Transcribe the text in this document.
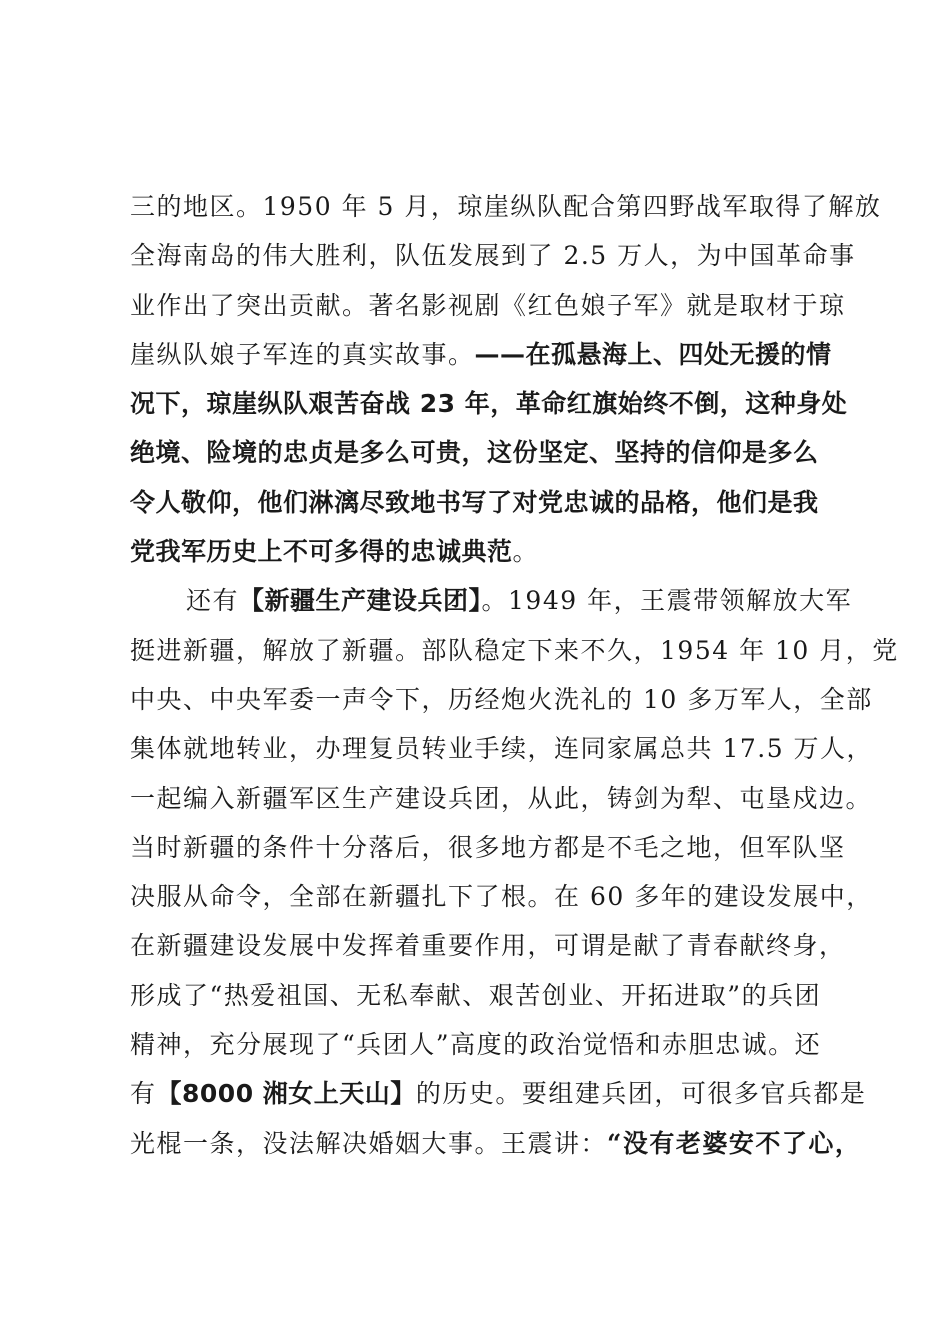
三的地区。1950 年 5 月，琼崖纵队配合第四野战军取得了解放
全海南岛的伟大胜利，队伍发展到了 2.5 万人，为中国革命事
业作出了突出贡献。著名影视剧《红色娘子军》就是取材于琼
崖纵队娘子军连的真实故事。——在孤悬海上、四处无援的情
况下，琼崖纵队艰苦奋战 23 年，革命红旗始终不倒，这种身处
绝境、险境的忠贞是多么可贵，这份坚定、坚持的信仰是多么
令人敬仰，他们淋漓尽致地书写了对党忠诚的品格，他们是我
党我军历史上不可多得的忠诚典范。
还有【新疆生产建设兵团】。1949 年，王震带领解放大军
挺进新疆，解放了新疆。部队稳定下来不久，1954 年 10 月，党
中央、中央军委一声令下，历经炮火洗礼的 10 多万军人，全部
集体就地转业，办理复员转业手续，连同家属总共 17.5 万人，
一起编入新疆军区生产建设兵团，从此，铸剑为犁、屯垦戍边。
当时新疆的条件十分落后，很多地方都是不毛之地，但军队坚
决服从命令，全部在新疆扎下了根。在 60 多年的建设发展中，
在新疆建设发展中发挥着重要作用，可谓是献了青春献终身，
形成了“热爱祖国、无私奉献、艰苦创业、开拓进取”的兵团
精神，充分展现了“兵团人”高度的政治觉悟和赤胆忠诚。还
有【8000 湘女上天山】的历史。要组建兵团，可很多官兵都是
光棍一条，没法解决婚姻大事。王震讲：“没有老婆安不了心，
